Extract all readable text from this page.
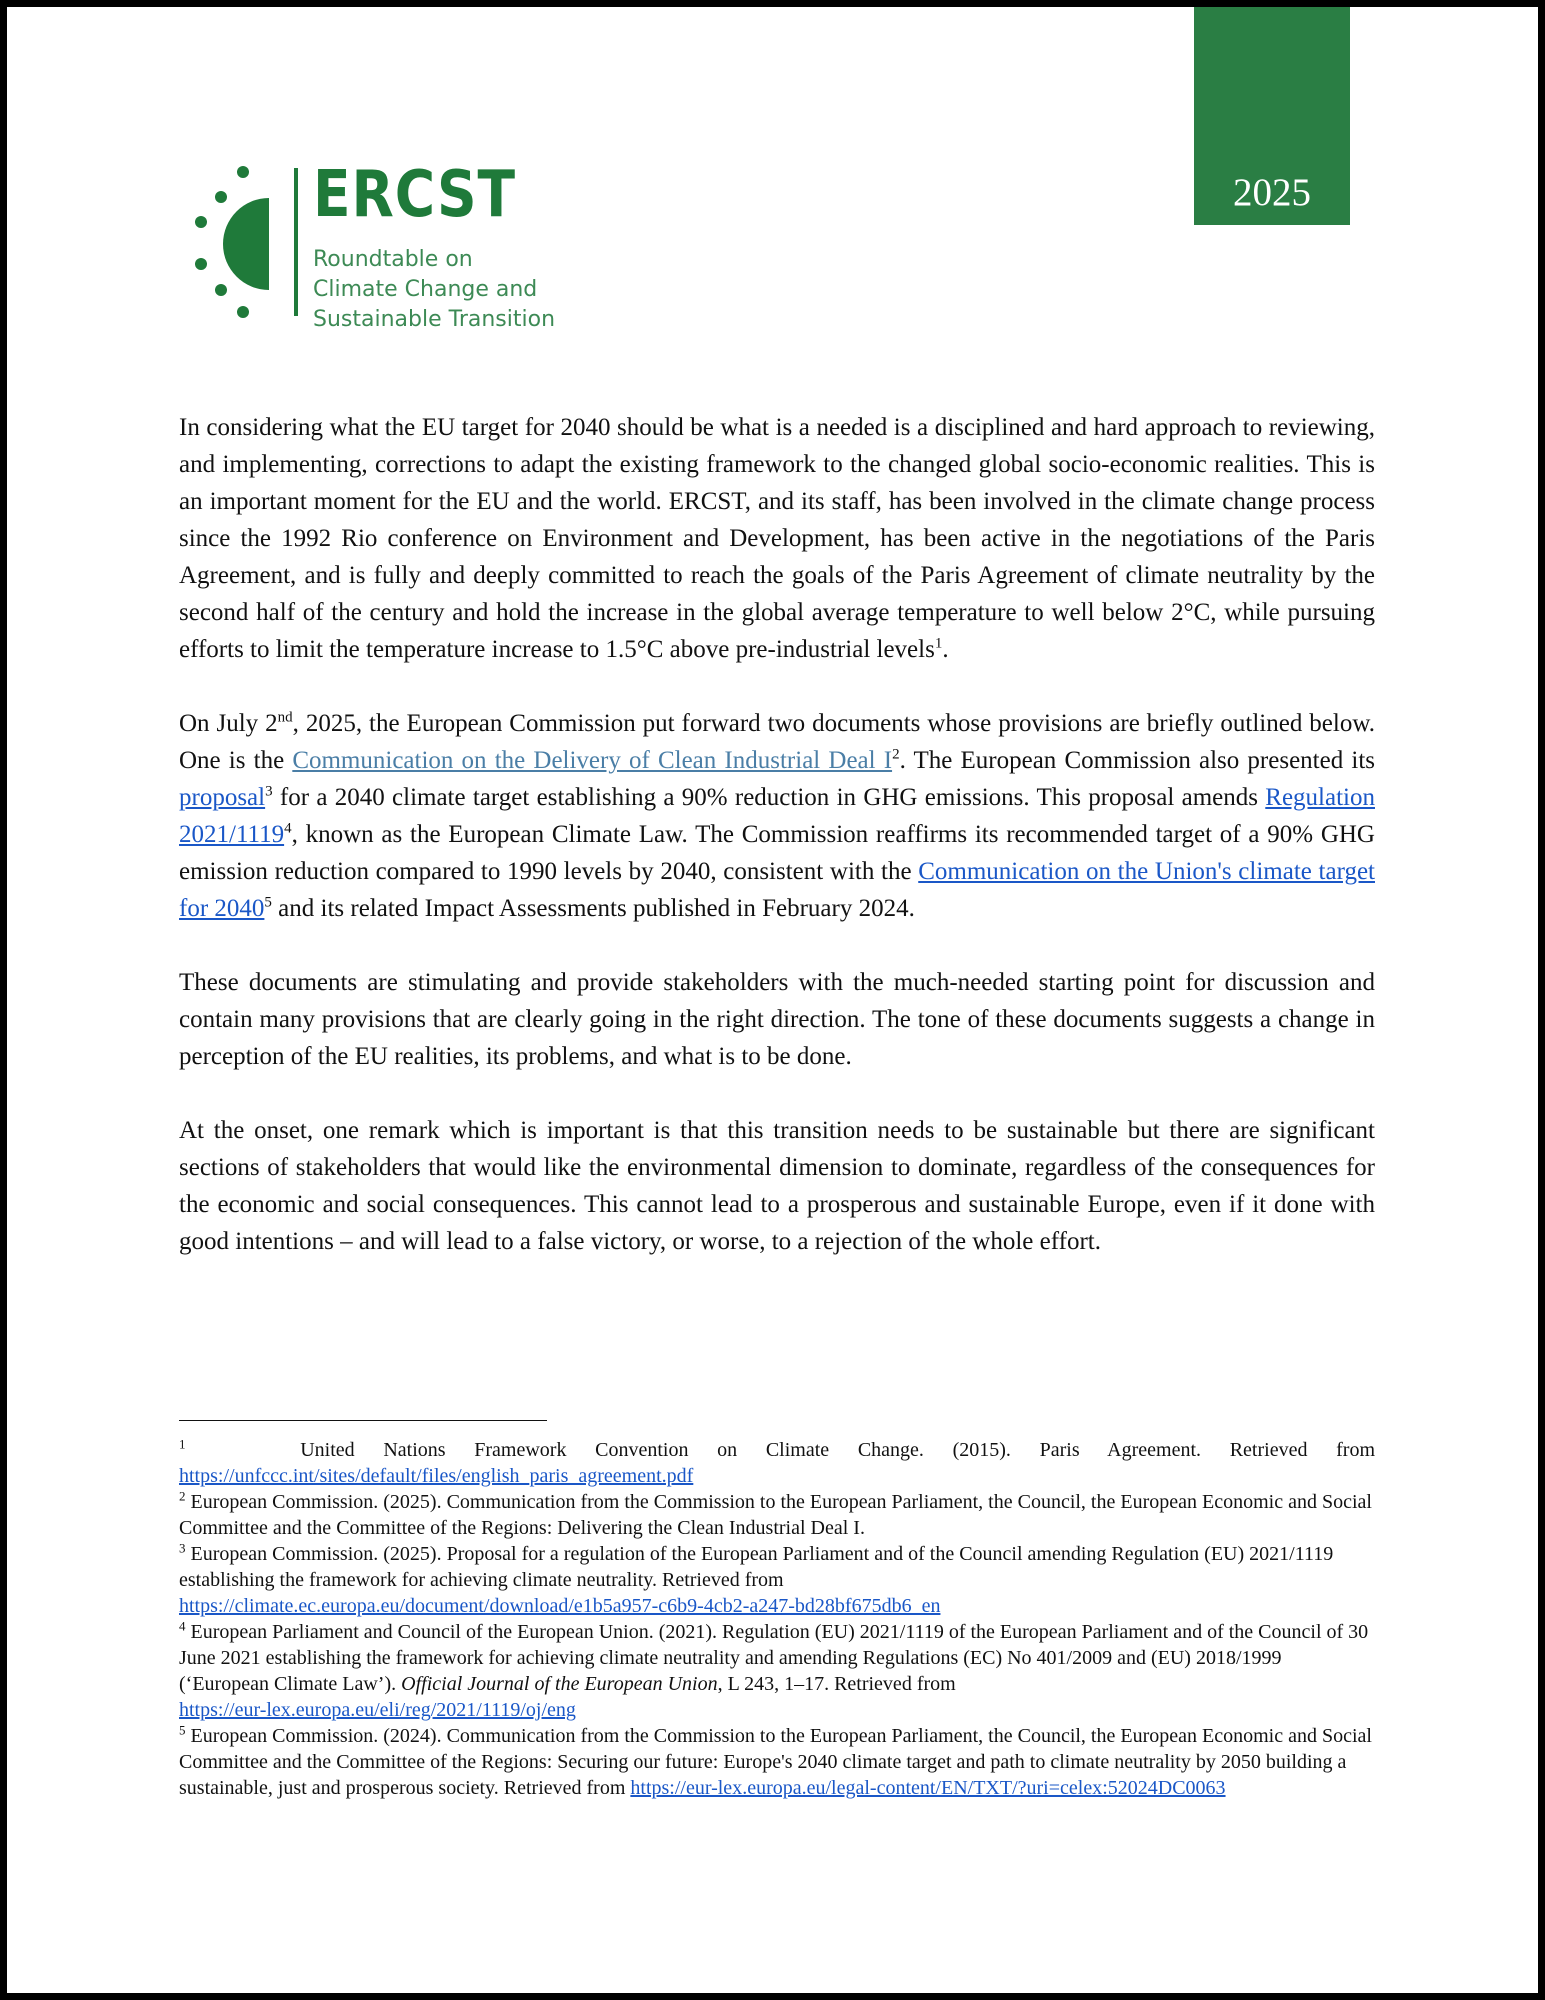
2025
ERCST
Roundtable on
Climate Change and
Sustainable Transition

In considering what the EU target for 2040 should be what is a needed is a disciplined and hard approach to reviewing, and implementing, corrections to adapt the existing framework to the changed global socio-economic realities. This is an important moment for the EU and the world. ERCST, and its staff, has been involved in the climate change process since the 1992 Rio conference on Environment and Development, has been active in the negotiations of the Paris Agreement, and is fully and deeply committed to reach the goals of the Paris Agreement of climate neutrality by the second half of the century and hold the increase in the global average temperature to well below 2°C, while pursuing efforts to limit the temperature increase to 1.5°C above pre-industrial levels$^1$.

On July 2nd, 2025, the European Commission put forward two documents whose provisions are briefly outlined below. One is the Communication on the Delivery of Clean Industrial Deal $I^2$. The European Commission also presented its proposal$^3$ for a 2040 climate target establishing a 90% reduction in GHG emissions. This proposal amends Regulation 2021/1119$^4$, known as the European Climate Law. The Commission reaffirms its recommended target of a 90% GHG emission reduction compared to 1990 levels by 2040, consistent with the Communication on the Union's climate target for 2040$^5$ and its related Impact Assessments published in February 2024.

These documents are stimulating and provide stakeholders with the much-needed starting point for discussion and contain many provisions that are clearly going in the right direction. The tone of these documents suggests a change in perception of the EU realities, its problems, and what is to be done.

At the onset, one remark which is important is that this transition needs to be sustainable but there are significant sections of stakeholders that would like the environmental dimension to dominate, regardless of the consequences for the economic and social consequences. This cannot lead to a prosperous and sustainable Europe, even if it done with good intentions – and will lead to a false victory, or worse, to a rejection of the whole effort.

$^1$	United Nations Framework Convention on Climate Change. (2015). Paris Agreement. Retrieved from
https://unfccc.int/sites/default/files/english_paris_agreement.pdf
$^2$ European Commission. (2025). Communication from the Commission to the European Parliament, the Council, the European Economic and Social Committee and the Committee of the Regions: Delivering the Clean Industrial Deal I.
$^3$ European Commission. (2025). Proposal for a regulation of the European Parliament and of the Council amending Regulation (EU) 2021/1119 establishing the framework for achieving climate neutrality. Retrieved from
https://climate.ec.europa.eu/document/download/e1b5a957-c6b9-4cb2-a247-bd28bf675db6_en
$^4$ European Parliament and Council of the European Union. (2021). Regulation (EU) 2021/1119 of the European Parliament and of the Council of 30 June 2021 establishing the framework for achieving climate neutrality and amending Regulations (EC) No 401/2009 and (EU) 2018/1999 (‘European Climate Law’). Official Journal of the European Union, L 243, 1–17. Retrieved from
https://eur-lex.europa.eu/eli/reg/2021/1119/oj/eng
$^5$ European Commission. (2024). Communication from the Commission to the European Parliament, the Council, the European Economic and Social Committee and the Committee of the Regions: Securing our future: Europe's 2040 climate target and path to climate neutrality by 2050 building a sustainable, just and prosperous society. Retrieved from https://eur-lex.europa.eu/legal-content/EN/TXT/?uri=celex:52024DC0063
